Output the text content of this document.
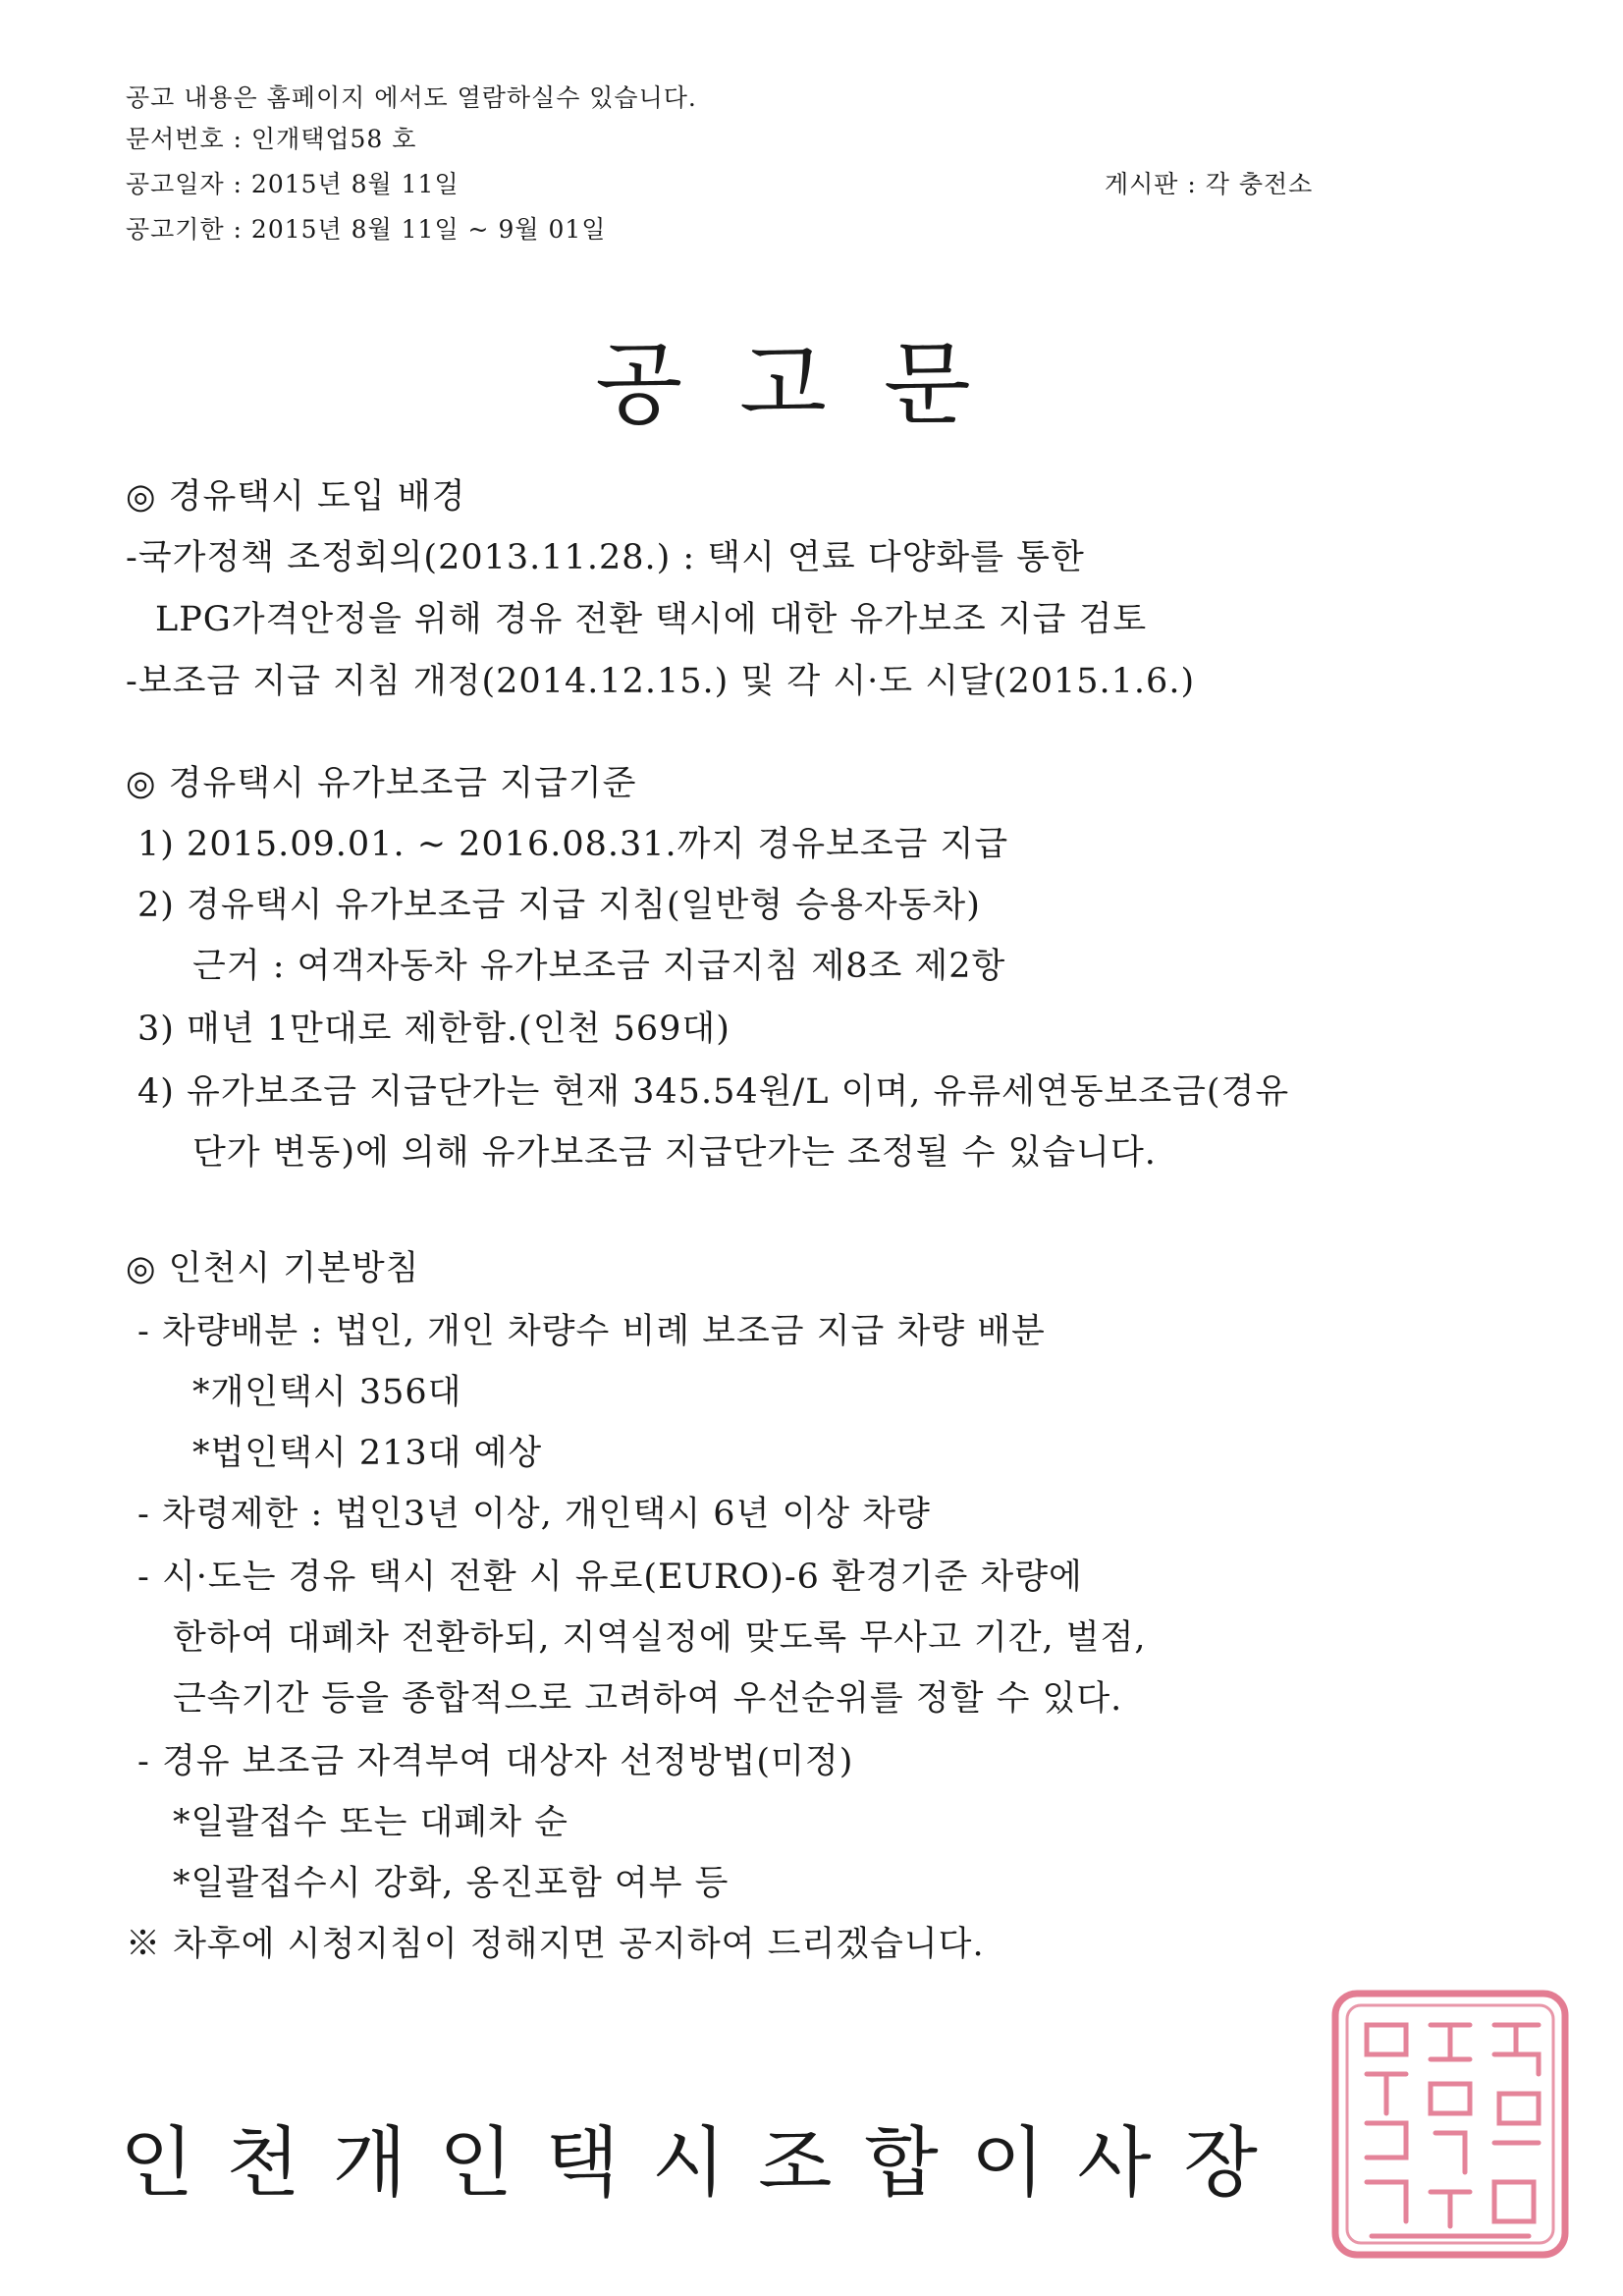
공고 내용은 홈페이지 에서도 열람하실수 있습니다.
문서번호 : 인개택업58 호
공고일자 : 2015년 8월 11일	게시판 : 각 충전소
공고기한 : 2015년 8월 11일 ~ 9월 01일
공고문
◎ 경유택시 도입 배경
-국가정책 조정회의(2013.11.28.) : 택시 연료 다양화를 통한
LPG가격안정을 위해 경유 전환 택시에 대한 유가보조 지급 검토
-보조금 지급 지침 개정(2014.12.15.) 및 각 시·도 시달(2015.1.6.)
◎ 경유택시 유가보조금 지급기준
1) 2015.09.01. ~ 2016.08.31.까지 경유보조금 지급
2) 경유택시 유가보조금 지급 지침(일반형 승용자동차)
근거 : 여객자동차 유가보조금 지급지침 제8조 제2항
3) 매년 1만대로 제한함.(인천 569대)
4) 유가보조금 지급단가는 현재 345.54원/L 이며, 유류세연동보조금(경유
단가 변동)에 의해 유가보조금 지급단가는 조정될 수 있습니다.
◎ 인천시 기본방침
- 차량배분 : 법인, 개인 차량수 비례 보조금 지급 차량 배분
*개인택시 356대
*법인택시 213대 예상
- 차령제한 : 법인3년 이상, 개인택시 6년 이상 차량
- 시·도는 경유 택시 전환 시 유로(EURO)-6 환경기준 차량에
한하여 대폐차 전환하되, 지역실정에 맞도록 무사고 기간, 벌점,
근속기간 등을 종합적으로 고려하여 우선순위를 정할 수 있다.
- 경유 보조금 자격부여 대상자 선정방법(미정)
*일괄접수 또는 대폐차 순
*일괄접수시 강화, 옹진포함 여부 등
※ 차후에 시청지침이 정해지면 공지하여 드리겠습니다.
인천개인택시조합이사장
